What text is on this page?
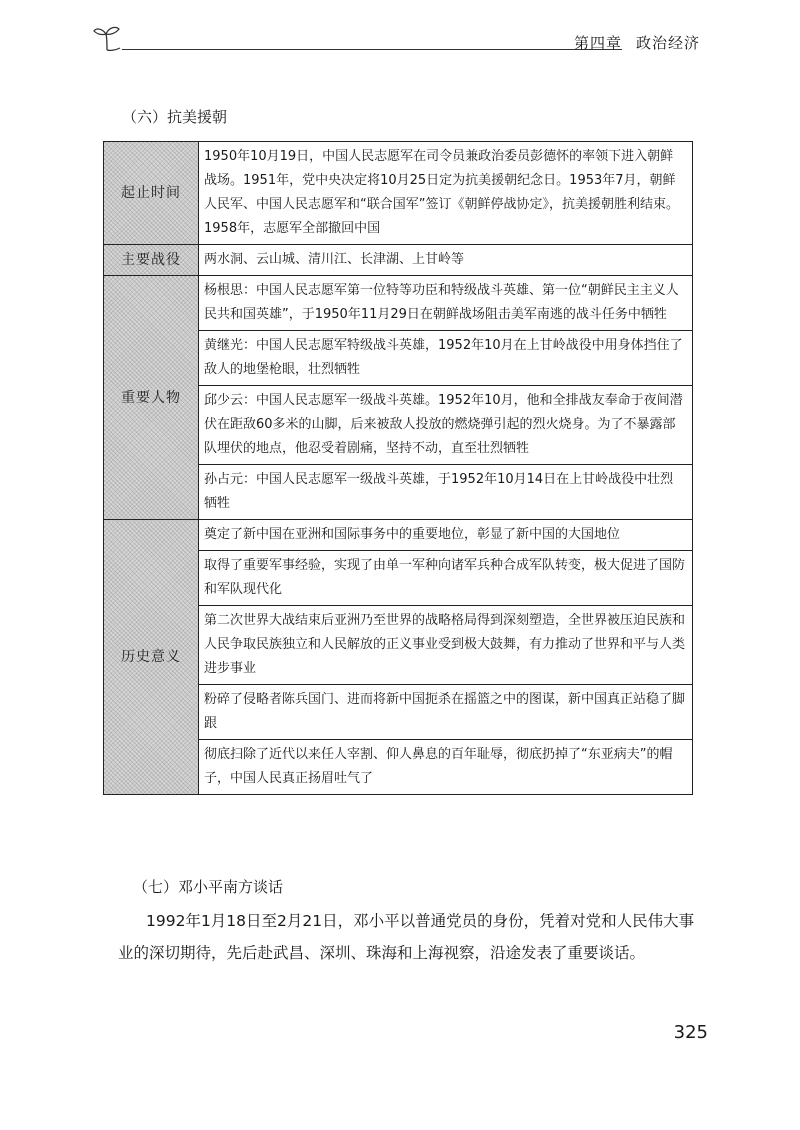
第四章 政治经济
（六）抗美援朝
起止时间	1950年10月19日，中国人民志愿军在司令员兼政治委员彭德怀的率领下进入朝鲜战场。1951年，党中央决定将10月25日定为抗美援朝纪念日。1953年7月，朝鲜人民军、中国人民志愿军和“联合国军”签订《朝鲜停战协定》，抗美援朝胜利结束。1958年，志愿军全部撤回中国
主要战役	两水洞、云山城、清川江、长津湖、上甘岭等
重要人物	杨根思：中国人民志愿军第一位特等功臣和特级战斗英雄、第一位“朝鲜民主主义人民共和国英雄”，于1950年11月29日在朝鲜战场阻击美军南逃的战斗任务中牺牲
	黄继光：中国人民志愿军特级战斗英雄，1952年10月在上甘岭战役中用身体挡住了敌人的地堡枪眼，壮烈牺牲
	邱少云：中国人民志愿军一级战斗英雄。1952年10月，他和全排战友奉命于夜间潜伏在距敌60多米的山脚，后来被敌人投放的燃烧弹引起的烈火烧身。为了不暴露部队埋伏的地点，他忍受着剧痛，坚持不动，直至壮烈牺牲
	孙占元：中国人民志愿军一级战斗英雄，于1952年10月14日在上甘岭战役中壮烈牺牲
历史意义	奠定了新中国在亚洲和国际事务中的重要地位，彰显了新中国的大国地位
	取得了重要军事经验，实现了由单一军种向诸军兵种合成军队转变，极大促进了国防和军队现代化
	第二次世界大战结束后亚洲乃至世界的战略格局得到深刻塑造，全世界被压迫民族和人民争取民族独立和人民解放的正义事业受到极大鼓舞，有力推动了世界和平与人类进步事业
	粉碎了侵略者陈兵国门、进而将新中国扼杀在摇篮之中的图谋，新中国真正站稳了脚跟
	彻底扫除了近代以来任人宰割、仰人鼻息的百年耻辱，彻底扔掉了“东亚病夫”的帽子，中国人民真正扬眉吐气了
（七）邓小平南方谈话

1992年1月18日至2月21日，邓小平以普通党员的身份，凭着对党和人民伟大事业的深切期待，先后赴武昌、深圳、珠海和上海视察，沿途发表了重要谈话。

325
